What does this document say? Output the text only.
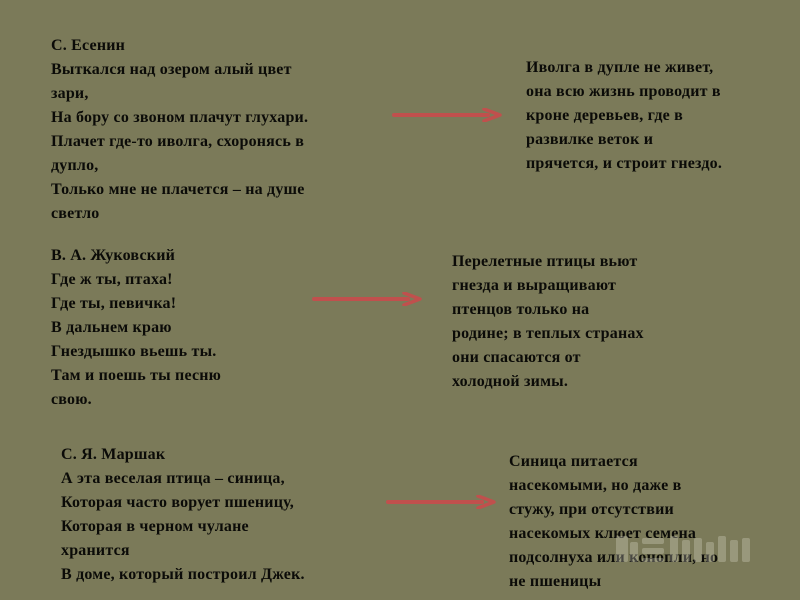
С. Есенин
Выткался над озером алый цвет
зари,
На бору со звоном плачут глухари.
Плачет где-то иволга, схоронясь в
дупло,
Только мне не плачется – на душе
светло
Иволга в дупле не живет,
она всю жизнь проводит в
кроне деревьев, где в
развилке веток и
прячется, и строит гнездо.
В. А. Жуковский
Где ж ты, птаха!
Где ты, певичка!
В дальнем краю
Гнездышко вьешь ты.
Там и поешь ты песню
свою.
Перелетные птицы вьют
гнезда и выращивают
птенцов только на
родине; в теплых странах
они спасаются от
холодной зимы.
С. Я. Маршак
А эта веселая птица – синица,
Которая часто ворует пшеницу,
Которая в черном чулане
хранится
В доме, который построил Джек.
Синица питается
насекомыми, но даже в
стужу, при отсутствии
насекомых клюет семена
подсолнуха или конопли, но
не пшеницы
